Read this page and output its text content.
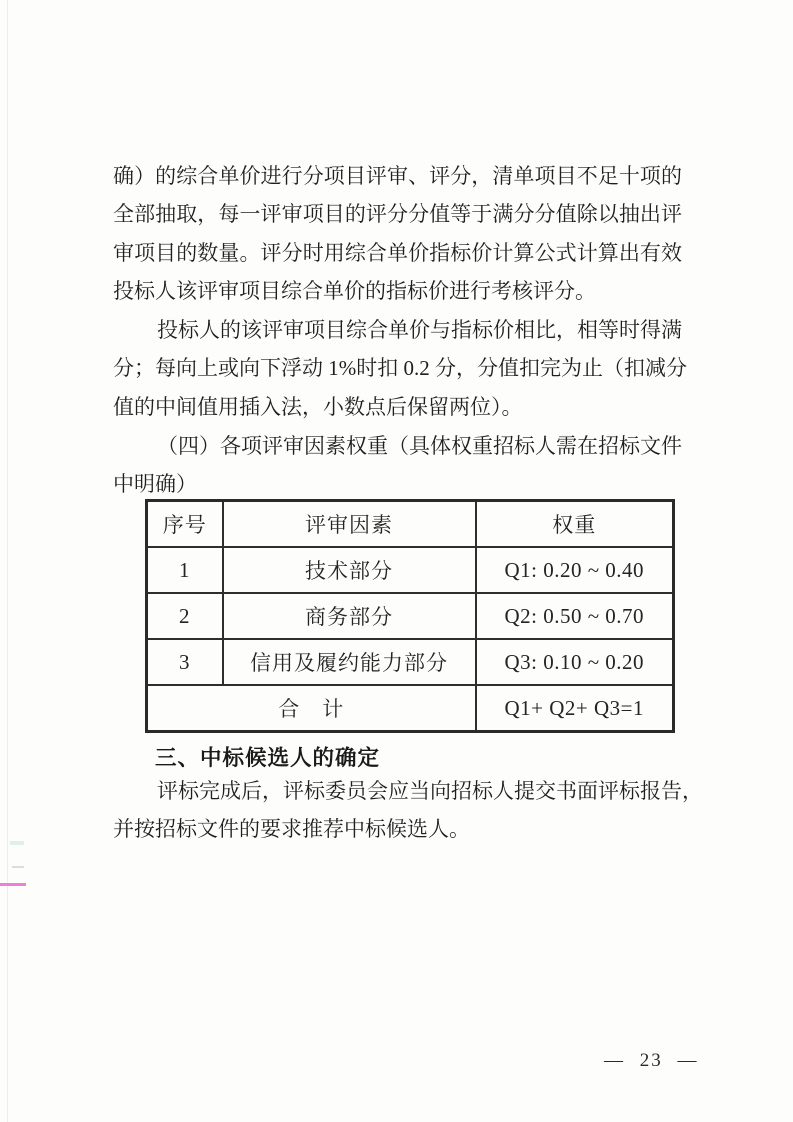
确）的综合单价进行分项目评审、评分，清单项目不足十项的
全部抽取，每一评审项目的评分分值等于满分分值除以抽出评
审项目的数量。评分时用综合单价指标价计算公式计算出有效
投标人该评审项目综合单价的指标价进行考核评分。
投标人的该评审项目综合单价与指标价相比，相等时得满
分；每向上或向下浮动 1%时扣 0.2 分，分值扣完为止（扣减分
值的中间值用插入法，小数点后保留两位）。
（四）各项评审因素权重（具体权重招标人需在招标文件
中明确）
序号	评审因素	权重
1	技术部分	Q1: 0.20 ~ 0.40
2	商务部分	Q2: 0.50 ~ 0.70
3	信用及履约能力部分	Q3: 0.10 ~ 0.20
合　计		Q1+ Q2+ Q3=1
三、中标候选人的确定
评标完成后，评标委员会应当向招标人提交书面评标报告，
并按招标文件的要求推荐中标候选人。
— 23 —
